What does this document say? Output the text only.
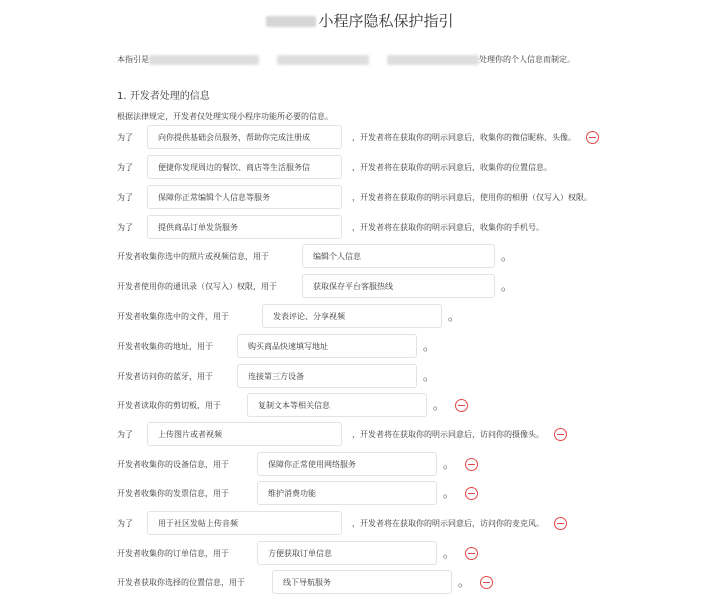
小程序隐私保护指引
本指引是	处理你的个人信息而制定。
1. 开发者处理的信息
根据法律规定，开发者仅处理实现小程序功能所必要的信息。
为了	向你提供基础会员服务，帮助你完成注册成	，开发者将在获取你的明示同意后，收集你的微信昵称、头像。
为了	便捷你发现周边的餐饮、商店等生活服务信	，开发者将在获取你的明示同意后，收集你的位置信息。
为了	保障你正常编辑个人信息等服务	，开发者将在获取你的明示同意后，使用你的相册（仅写入）权限。
为了	提供商品订单发货服务	，开发者将在获取你的明示同意后，收集你的手机号。
开发者收集你选中的照片或视频信息，用于	编辑个人信息	。
开发者使用你的通讯录（仅写入）权限，用于	获取保存平台客服热线	。
开发者收集你选中的文件，用于	发表评论、分享视频	。
开发者收集你的地址，用于	购买商品快速填写地址	。
开发者访问你的蓝牙，用于	连接第三方设备	。
开发者读取你的剪切板，用于	复制文本等相关信息	。
为了	上传图片或者视频	，开发者将在获取你的明示同意后，访问你的摄像头。
开发者收集你的设备信息，用于	保障你正常使用网络服务	。
开发者收集你的发票信息，用于	维护消费功能	。
为了	用于社区发帖上传音频	，开发者将在获取你的明示同意后，访问你的麦克风。
开发者收集你的订单信息，用于	方便获取订单信息	。
开发者获取你选择的位置信息，用于	线下导航服务	。
